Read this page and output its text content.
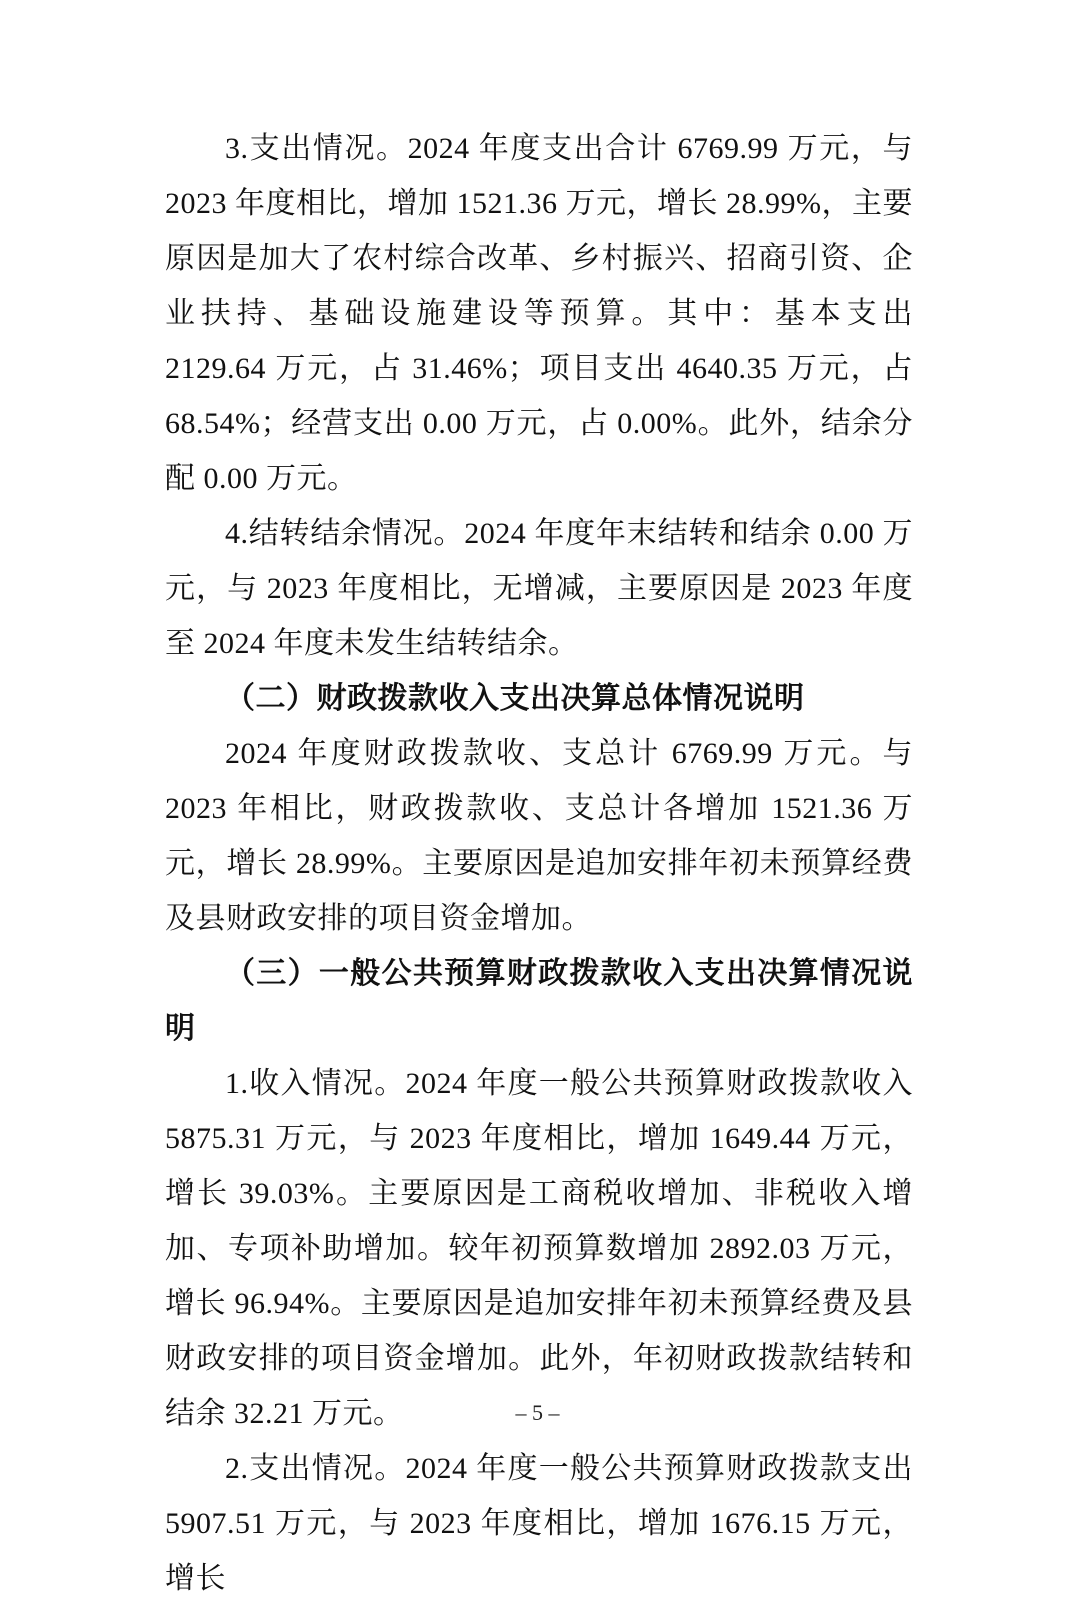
3.支出情况。2024 年度支出合计 6769.99 万元，与 2023 年度相比，增加 1521.36 万元，增长 28.99%，主要原因是加大了农村综合改革、乡村振兴、招商引资、企业扶持、基础设施建设等预算。其中：基本支出 2129.64 万元，占 31.46%；项目支出 4640.35 万元，占 68.54%；经营支出 0.00 万元，占 0.00%。此外，结余分配 0.00 万元。

4.结转结余情况。2024 年度年末结转和结余 0.00 万元，与 2023 年度相比，无增减，主要原因是 2023 年度至 2024 年度未发生结转结余。

（二）财政拨款收入支出决算总体情况说明

2024 年度财政拨款收、支总计 6769.99 万元。与 2023 年相比，财政拨款收、支总计各增加 1521.36 万元，增长 28.99%。主要原因是追加安排年初未预算经费及县财政安排的项目资金增加。

（三）一般公共预算财政拨款收入支出决算情况说明

1.收入情况。2024 年度一般公共预算财政拨款收入 5875.31 万元，与 2023 年度相比，增加 1649.44 万元，增长 39.03%。主要原因是工商税收增加、非税收入增加、专项补助增加。较年初预算数增加 2892.03 万元，增长 96.94%。主要原因是追加安排年初未预算经费及县财政安排的项目资金增加。此外，年初财政拨款结转和结余 32.21 万元。

2.支出情况。2024 年度一般公共预算财政拨款支出 5907.51 万元，与 2023 年度相比，增加 1676.15 万元，增长

– 5 –
